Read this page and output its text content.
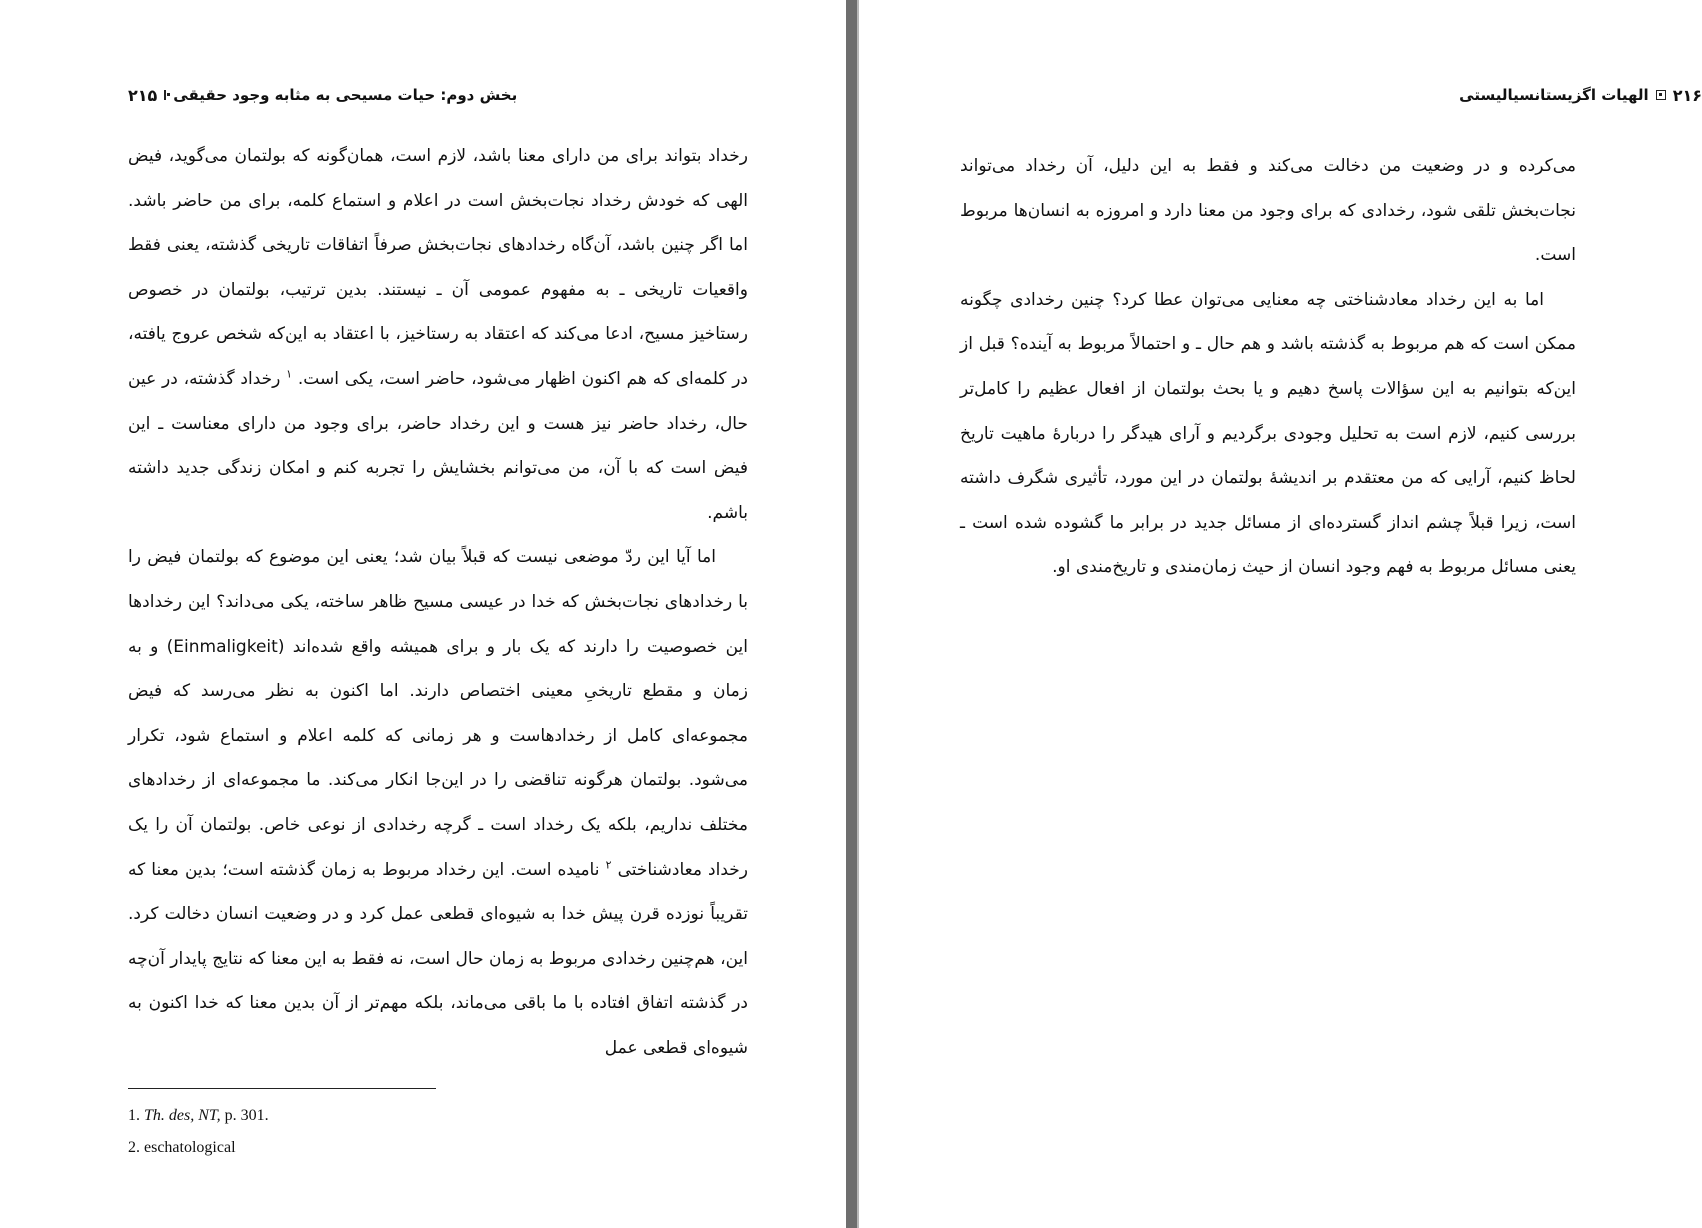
بخش دوم: حیات مسیحی به مثابه وجود حقیقی
۲۱۵

رخداد بتواند برای من دارای معنا باشد، لازم است، همان‌گونه که بولتمان می‌گوید، فیض الهی که خودش رخداد نجات‌بخش است در اعلام و استماع کلمه، برای من حاضر باشد. اما اگر چنین باشد، آن‌گاه رخدادهای نجات‌بخش صرفاً اتفاقات تاریخی گذشته، یعنی فقط واقعیات تاریخی ـ به مفهوم عمومی آن ـ نیستند. بدین ترتیب، بولتمان در خصوص رستاخیز مسیح، ادعا می‌کند که اعتقاد به رستاخیز، با اعتقاد به این‌که شخص عروج یافته، در کلمه‌ای که هم اکنون اظهار می‌شود، حاضر است، یکی است. $^۱$ رخداد گذشته، در عین حال، رخداد حاضر نیز هست و این رخداد حاضر، برای وجود من دارای معناست ـ این فیض است که با آن، من می‌توانم بخشایش را تجربه کنم و امکان زندگی جدید داشته باشم.

اما آیا این ردّ موضعی نیست که قبلاً بیان شد؛ یعنی این موضوع که بولتمان فیض را با رخدادهای نجات‌بخش که خدا در عیسی مسیح ظاهر ساخته، یکی می‌داند؟ این رخدادها این خصوصیت را دارند که یک بار و برای همیشه واقع شده‌اند (Einmaligkeit) و به زمان و مقطع تاریخیِ معینی اختصاص دارند. اما اکنون به نظر می‌رسد که فیض مجموعه‌ای کامل از رخدادهاست و هر زمانی که کلمه اعلام و استماع شود، تکرار می‌شود. بولتمان هرگونه تناقضی را در این‌جا انکار می‌کند. ما مجموعه‌ای از رخدادهای مختلف نداریم، بلکه یک رخداد است ـ گرچه رخدادی از نوعی خاص. بولتمان آن را یک رخداد معادشناختی $^۲$ نامیده است. این رخداد مربوط به زمان گذشته است؛ بدین معنا که تقریباً نوزده قرن پیش خدا به شیوه‌ای قطعی عمل کرد و در وضعیت انسان دخالت کرد. این، هم‌چنین رخدادی مربوط به زمان حال است، نه فقط به این معنا که نتایج پایدار آن‌چه در گذشته اتفاق افتاده با ما باقی می‌ماند، بلکه مهم‌تر از آن بدین معنا که خدا اکنون به شیوه‌ای قطعی عمل

1. Th. des, NT, p. 301.
2. eschatological
۲۱۶
الهیات اگزیستانسیالیستی

می‌کرده و در وضعیت من دخالت می‌کند و فقط به این دلیل، آن رخداد می‌تواند نجات‌بخش تلقی شود، رخدادی که برای وجود من معنا دارد و امروزه به انسان‌ها مربوط است.

اما به این رخداد معادشناختی چه معنایی می‌توان عطا کرد؟ چنین رخدادی چگونه ممکن است که هم مربوط به گذشته باشد و هم حال ـ و احتمالاً مربوط به آینده؟ قبل از این‌که بتوانیم به این سؤالات پاسخ دهیم و یا بحث بولتمان از افعال عظیم را کامل‌تر بررسی کنیم، لازم است به تحلیل وجودی برگردیم و آرای هیدگر را دربارهٔ ماهیت تاریخ لحاظ کنیم، آرایی که من معتقدم بر اندیشهٔ بولتمان در این مورد، تأثیری شگرف داشته است، زیرا قبلاً چشم انداز گسترده‌ای از مسائل جدید در برابر ما گشوده شده است ـ یعنی مسائل مربوط به فهم وجود انسان از حیث زمان‌مندی و تاریخ‌مندی او.
